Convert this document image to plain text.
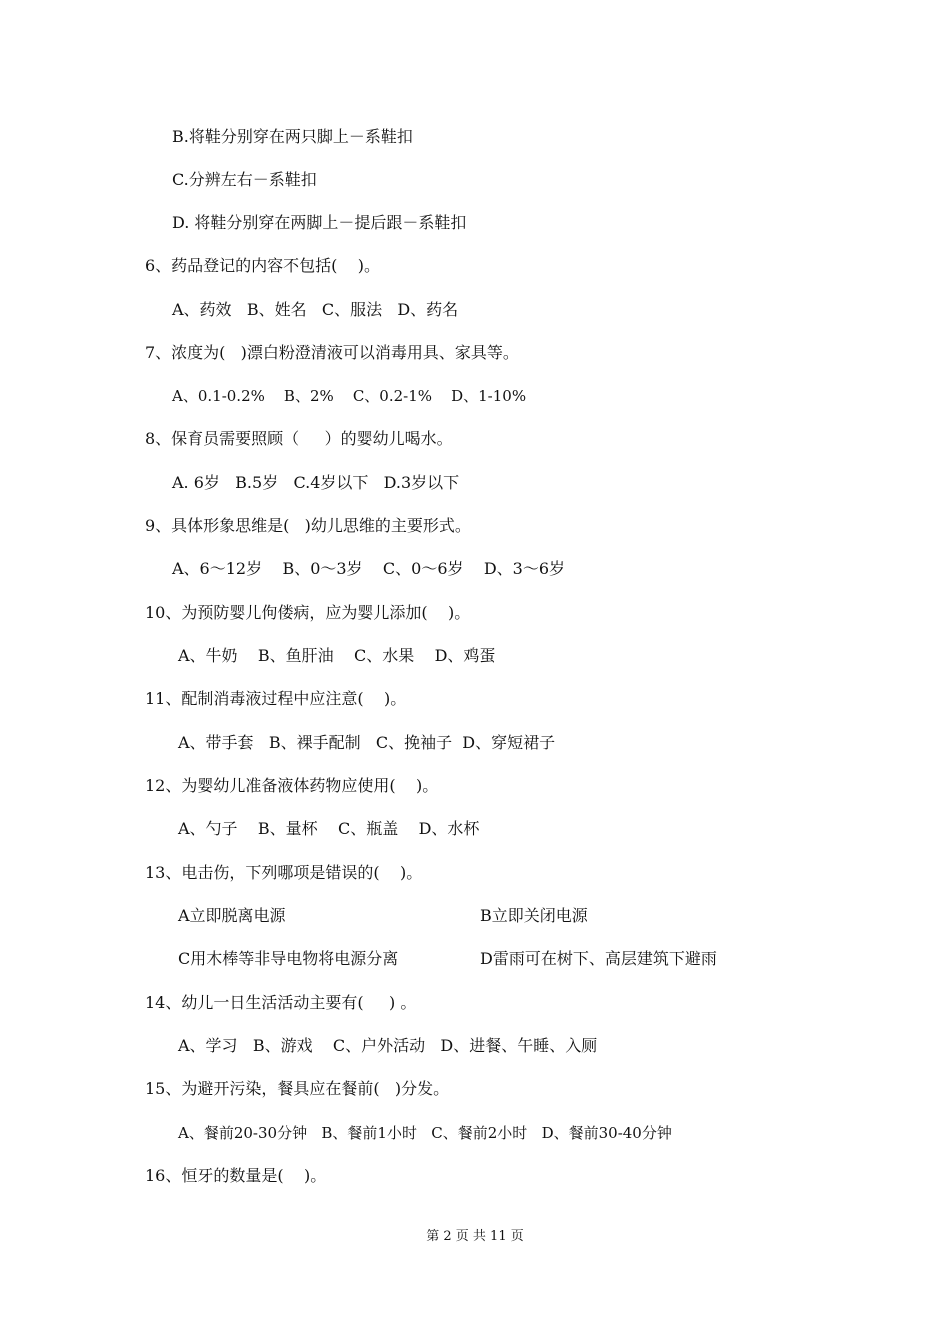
B.将鞋分别穿在两只脚上－系鞋扣
C.分辨左右－系鞋扣
D. 将鞋分别穿在两脚上－提后跟－系鞋扣
6、药品登记的内容不包括(    )。
A、药效   B、姓名   C、服法   D、药名
7、浓度为(   )漂白粉澄清液可以消毒用具、家具等。
A、0.1-0.2%    B、2%    C、0.2-1%    D、1-10%
8、保育员需要照顾（     ）的婴幼儿喝水。
A. 6岁   B.5岁   C.4岁以下   D.3岁以下
9、具体形象思维是(   )幼儿思维的主要形式。
A、6～12岁    B、0～3岁    C、0～6岁    D、3～6岁
10、为预防婴儿佝偻病，应为婴儿添加(    )。
A、牛奶    B、鱼肝油    C、水果    D、鸡蛋
11、配制消毒液过程中应注意(    )。
A、带手套   B、裸手配制   C、挽袖子  D、穿短裙子
12、为婴幼儿准备液体药物应使用(    )。
A、勺子    B、量杯    C、瓶盖    D、水杯
13、电击伤，下列哪项是错误的(    )。
A立即脱离电源	B立即关闭电源
C用木棒等非导电物将电源分离	D雷雨可在树下、高层建筑下避雨
14、幼儿一日生活活动主要有(     ) 。
A、学习   B、游戏    C、户外活动   D、进餐、午睡、入厕
15、为避开污染，餐具应在餐前(   )分发。
A、餐前20-30分钟   B、餐前1小时   C、餐前2小时   D、餐前30-40分钟
16、恒牙的数量是(    )。
第 2 页 共 11 页
